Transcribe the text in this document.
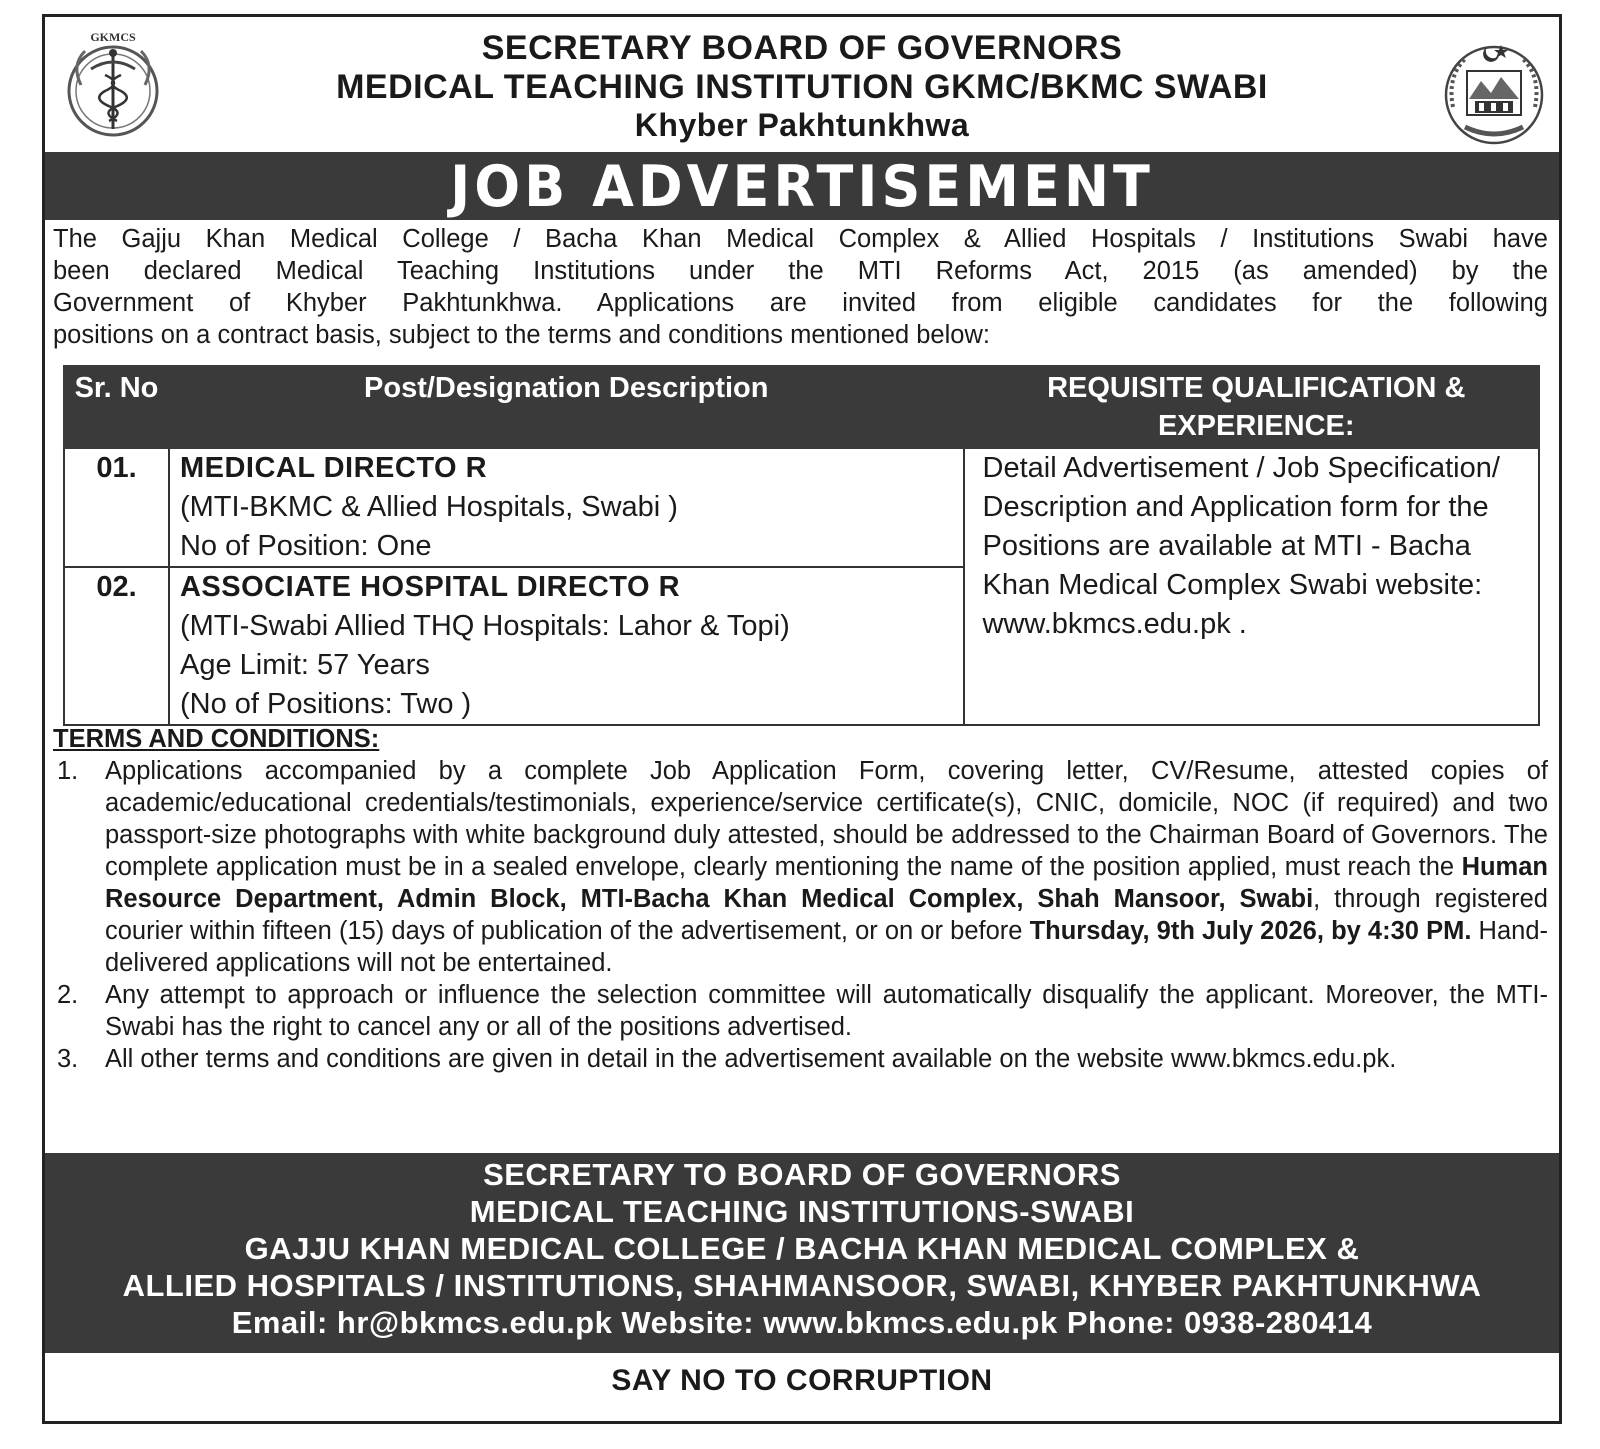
GKMCS	SECRETARY BOARD OF GOVERNORS
MEDICAL TEACHING INSTITUTION GKMC/BKMC SWABI
Khyber Pakhtunkhwa
JOB ADVERTISEMENT
The Gajju Khan Medical College / Bacha Khan Medical Complex & Allied Hospitals / Institutions Swabi have
been declared Medical Teaching Institutions under the MTI Reforms Act, 2015 (as amended) by the
Government of Khyber Pakhtunkhwa. Applications are invited from eligible candidates for the following
positions on a contract basis, subject to the terms and conditions mentioned below:
Sr. No	Post/Designation Description	REQUISITE QUALIFICATION & EXPERIENCE:
01.	MEDICAL DIRECTO R
(MTI-BKMC & Allied Hospitals, Swabi )
No of Position: One	Detail Advertisement / Job Specification/ Description and Application form for the Positions are available at MTI - Bacha Khan Medical Complex Swabi website: www.bkmcs.edu.pk .
02.	ASSOCIATE HOSPITAL DIRECTO R
(MTI-Swabi Allied THQ Hospitals: Lahor & Topi)
Age Limit: 57 Years
(No of Positions: Two )	
TERMS AND CONDITIONS:
1. Applications accompanied by a complete Job Application Form, covering letter, CV/Resume, attested copies of academic/educational credentials/testimonials, experience/service certificate(s), CNIC, domicile, NOC (if required) and two passport-size photographs with white background duly attested, should be addressed to the Chairman Board of Governors. The complete application must be in a sealed envelope, clearly mentioning the name of the position applied, must reach the Human Resource Department, Admin Block, MTI-Bacha Khan Medical Complex, Shah Mansoor, Swabi, through registered courier within fifteen (15) days of publication of the advertisement, or on or before Thursday, 9th July 2026, by 4:30 PM. Hand-delivered applications will not be entertained.
2. Any attempt to approach or influence the selection committee will automatically disqualify the applicant. Moreover, the MTI-Swabi has the right to cancel any or all of the positions advertised.
3. All other terms and conditions are given in detail in the advertisement available on the website www.bkmcs.edu.pk.
SECRETARY TO BOARD OF GOVERNORS
MEDICAL TEACHING INSTITUTIONS-SWABI
GAJJU KHAN MEDICAL COLLEGE / BACHA KHAN MEDICAL COMPLEX &
ALLIED HOSPITALS / INSTITUTIONS, SHAHMANSOOR, SWABI, KHYBER PAKHTUNKHWA
Email: hr@bkmcs.edu.pk Website: www.bkmcs.edu.pk Phone: 0938-280414
SAY NO TO CORRUPTION
